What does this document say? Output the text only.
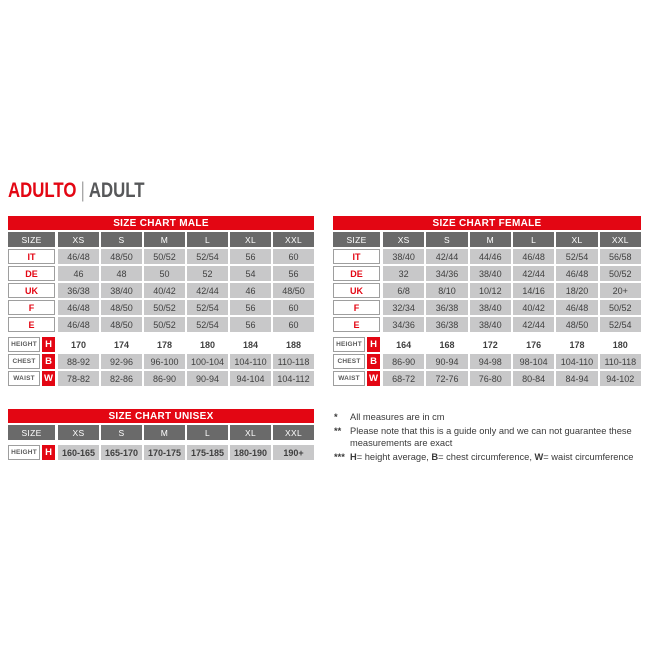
ADULTO | ADULT
SIZE CHART MALE
SIZE	XS	S	M	L	XL	XXL
IT	46/48	48/50	50/52	52/54	56	60
DE	46	48	50	52	54	56
UK	36/38	38/40	40/42	42/44	46	48/50
F	46/48	48/50	50/52	52/54	56	60
E	46/48	48/50	50/52	52/54	56	60
HEIGHT H	170	174	178	180	184	188
CHEST	B	88-92	92-96	96-100	100-104	104-110	110-118
WAIST W	78-82	82-86	86-90	90-94	94-104	104-112
SIZE CHART FEMALE
SIZE	XS	S	M	L	XL	XXL
IT	38/40	42/44	44/46	46/48	52/54	56/58
DE	32	34/36	38/40	42/44	46/48	50/52
UK	6/8	8/10	10/12	14/16	18/20	20+
F	32/34	36/38	38/40	40/42	46/48	50/52
E	34/36	36/38	38/40	42/44	48/50	52/54
HEIGHT H	164	168	172	176	178	180
CHEST	B	86-90	90-94	94-98	98-104	104-110	110-118
WAIST W	68-72	72-76	76-80	80-84	84-94	94-102
SIZE CHART UNISEX
SIZE	XS	S	M	L	XL	XXL
HEIGHT H	160-165	165-170	170-175	175-185	180-190	190+
*	All measures are in cm
** Please note that this is a guide only and we can not guarantee these measurements are exact
*** H= height average, B= chest circumference, W= waist circumference
